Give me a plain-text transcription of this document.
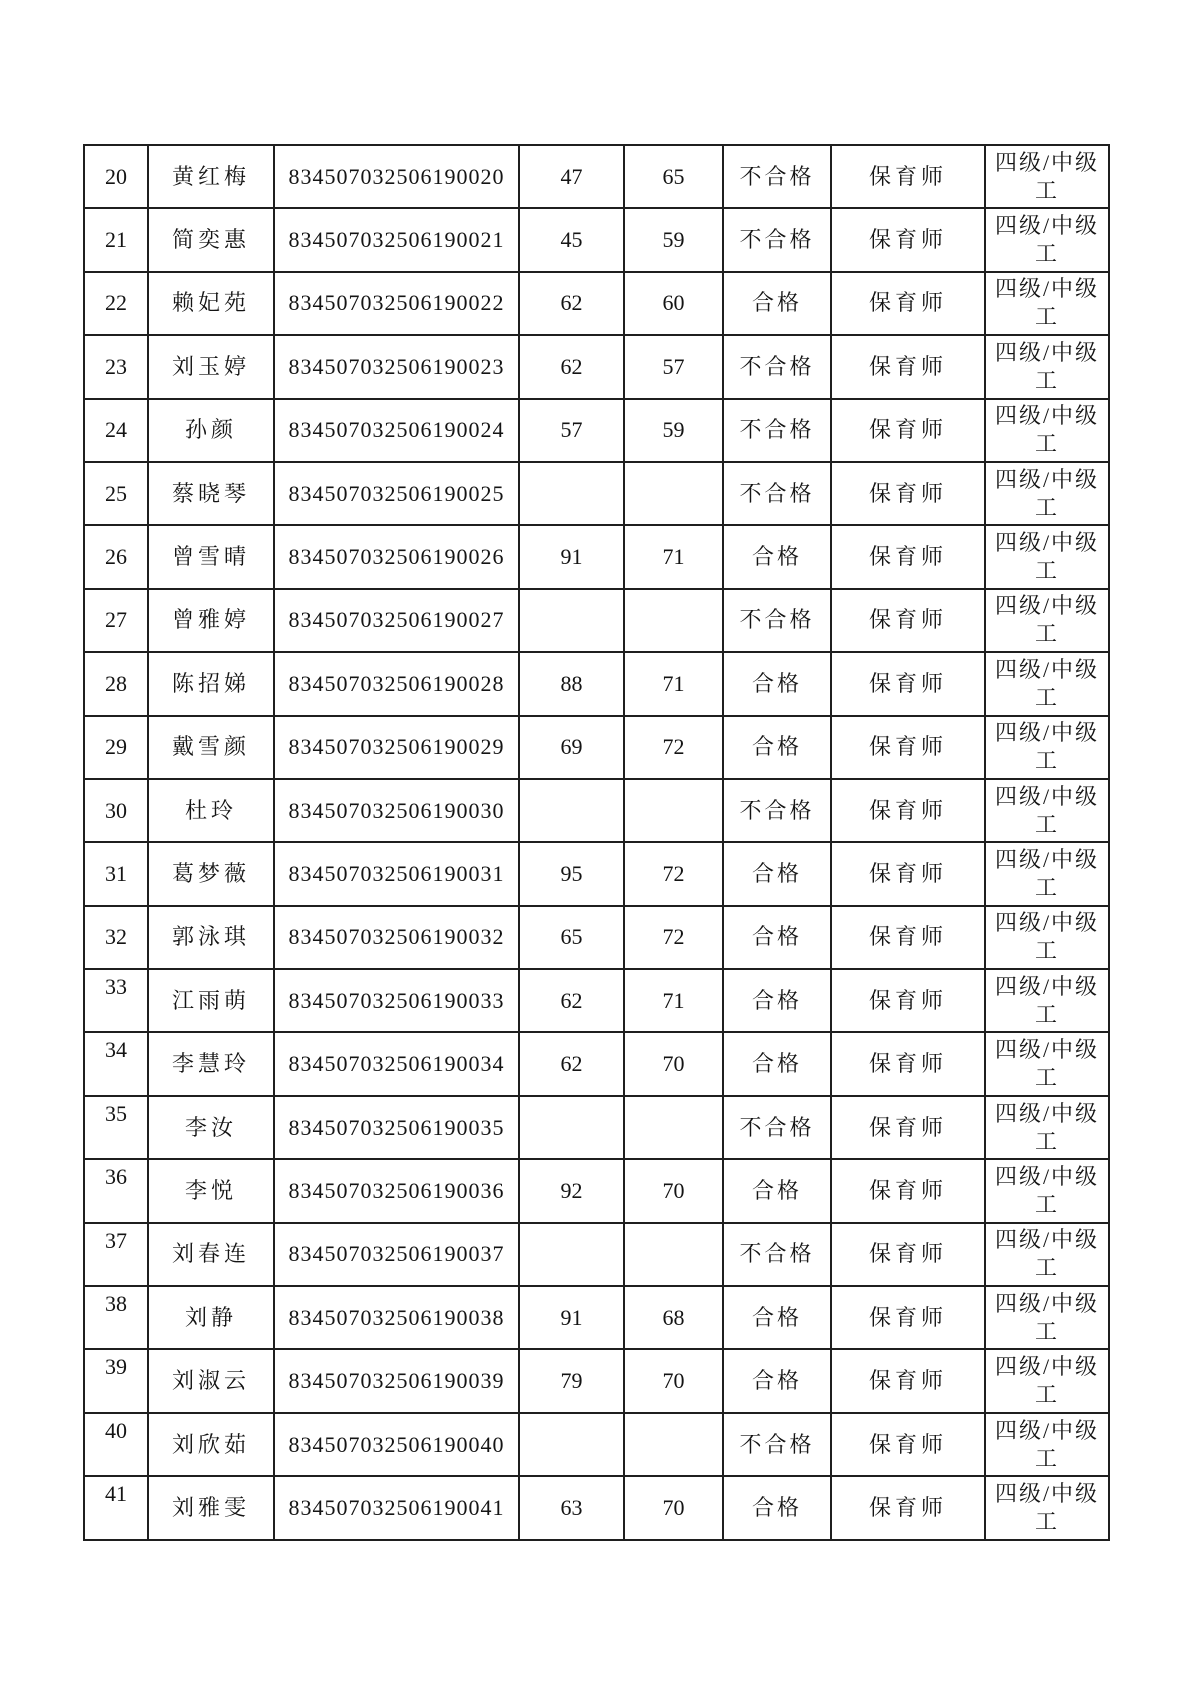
20	黄红梅	834507032506190020	47	65	不合格	保育师	四级/中级工
21	简奕惠	834507032506190021	45	59	不合格	保育师	四级/中级工
22	赖妃苑	834507032506190022	62	60	合格	保育师	四级/中级工
23	刘玉婷	834507032506190023	62	57	不合格	保育师	四级/中级工
24	孙颜	834507032506190024	57	59	不合格	保育师	四级/中级工
25	蔡晓琴	834507032506190025			不合格	保育师	四级/中级工
26	曾雪晴	834507032506190026	91	71	合格	保育师	四级/中级工
27	曾雅婷	834507032506190027			不合格	保育师	四级/中级工
28	陈招娣	834507032506190028	88	71	合格	保育师	四级/中级工
29	戴雪颜	834507032506190029	69	72	合格	保育师	四级/中级工
30	杜玲	834507032506190030			不合格	保育师	四级/中级工
31	葛梦薇	834507032506190031	95	72	合格	保育师	四级/中级工
32	郭泳琪	834507032506190032	65	72	合格	保育师	四级/中级工
33	江雨萌	834507032506190033	62	71	合格	保育师	四级/中级工
34	李慧玲	834507032506190034	62	70	合格	保育师	四级/中级工
35	李汝	834507032506190035			不合格	保育师	四级/中级工
36	李悦	834507032506190036	92	70	合格	保育师	四级/中级工
37	刘春连	834507032506190037			不合格	保育师	四级/中级工
38	刘静	834507032506190038	91	68	合格	保育师	四级/中级工
39	刘淑云	834507032506190039	79	70	合格	保育师	四级/中级工
40	刘欣茹	834507032506190040			不合格	保育师	四级/中级工
41	刘雅雯	834507032506190041	63	70	合格	保育师	四级/中级工
